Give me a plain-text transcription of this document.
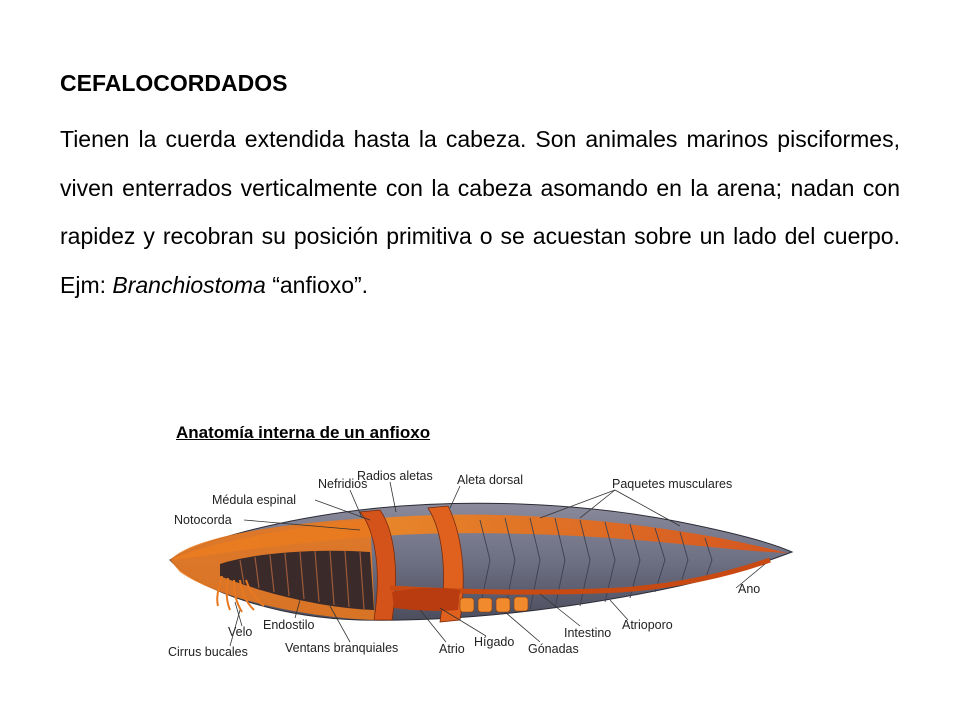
CEFALOCORDADOS

Tienen la cuerda extendida hasta la cabeza. Son animales marinos pisciformes, viven enterrados verticalmente con la cabeza asomando en la arena; nadan con rapidez y recobran su posición primitiva o se acuestan sobre un lado del cuerpo. Ejm: Branchiostoma “anfioxo”.

Anatomía interna de un anfioxo

Nefridios
Radios aletas Aleta dorsal	Paquetes musculares
Médula espinal
Notocorda
Ano
Velo Endostilo
Cirrus bucales	Ventans branquiales	Atrio Hígado
Intestino
Gónadas
Atrioporo
